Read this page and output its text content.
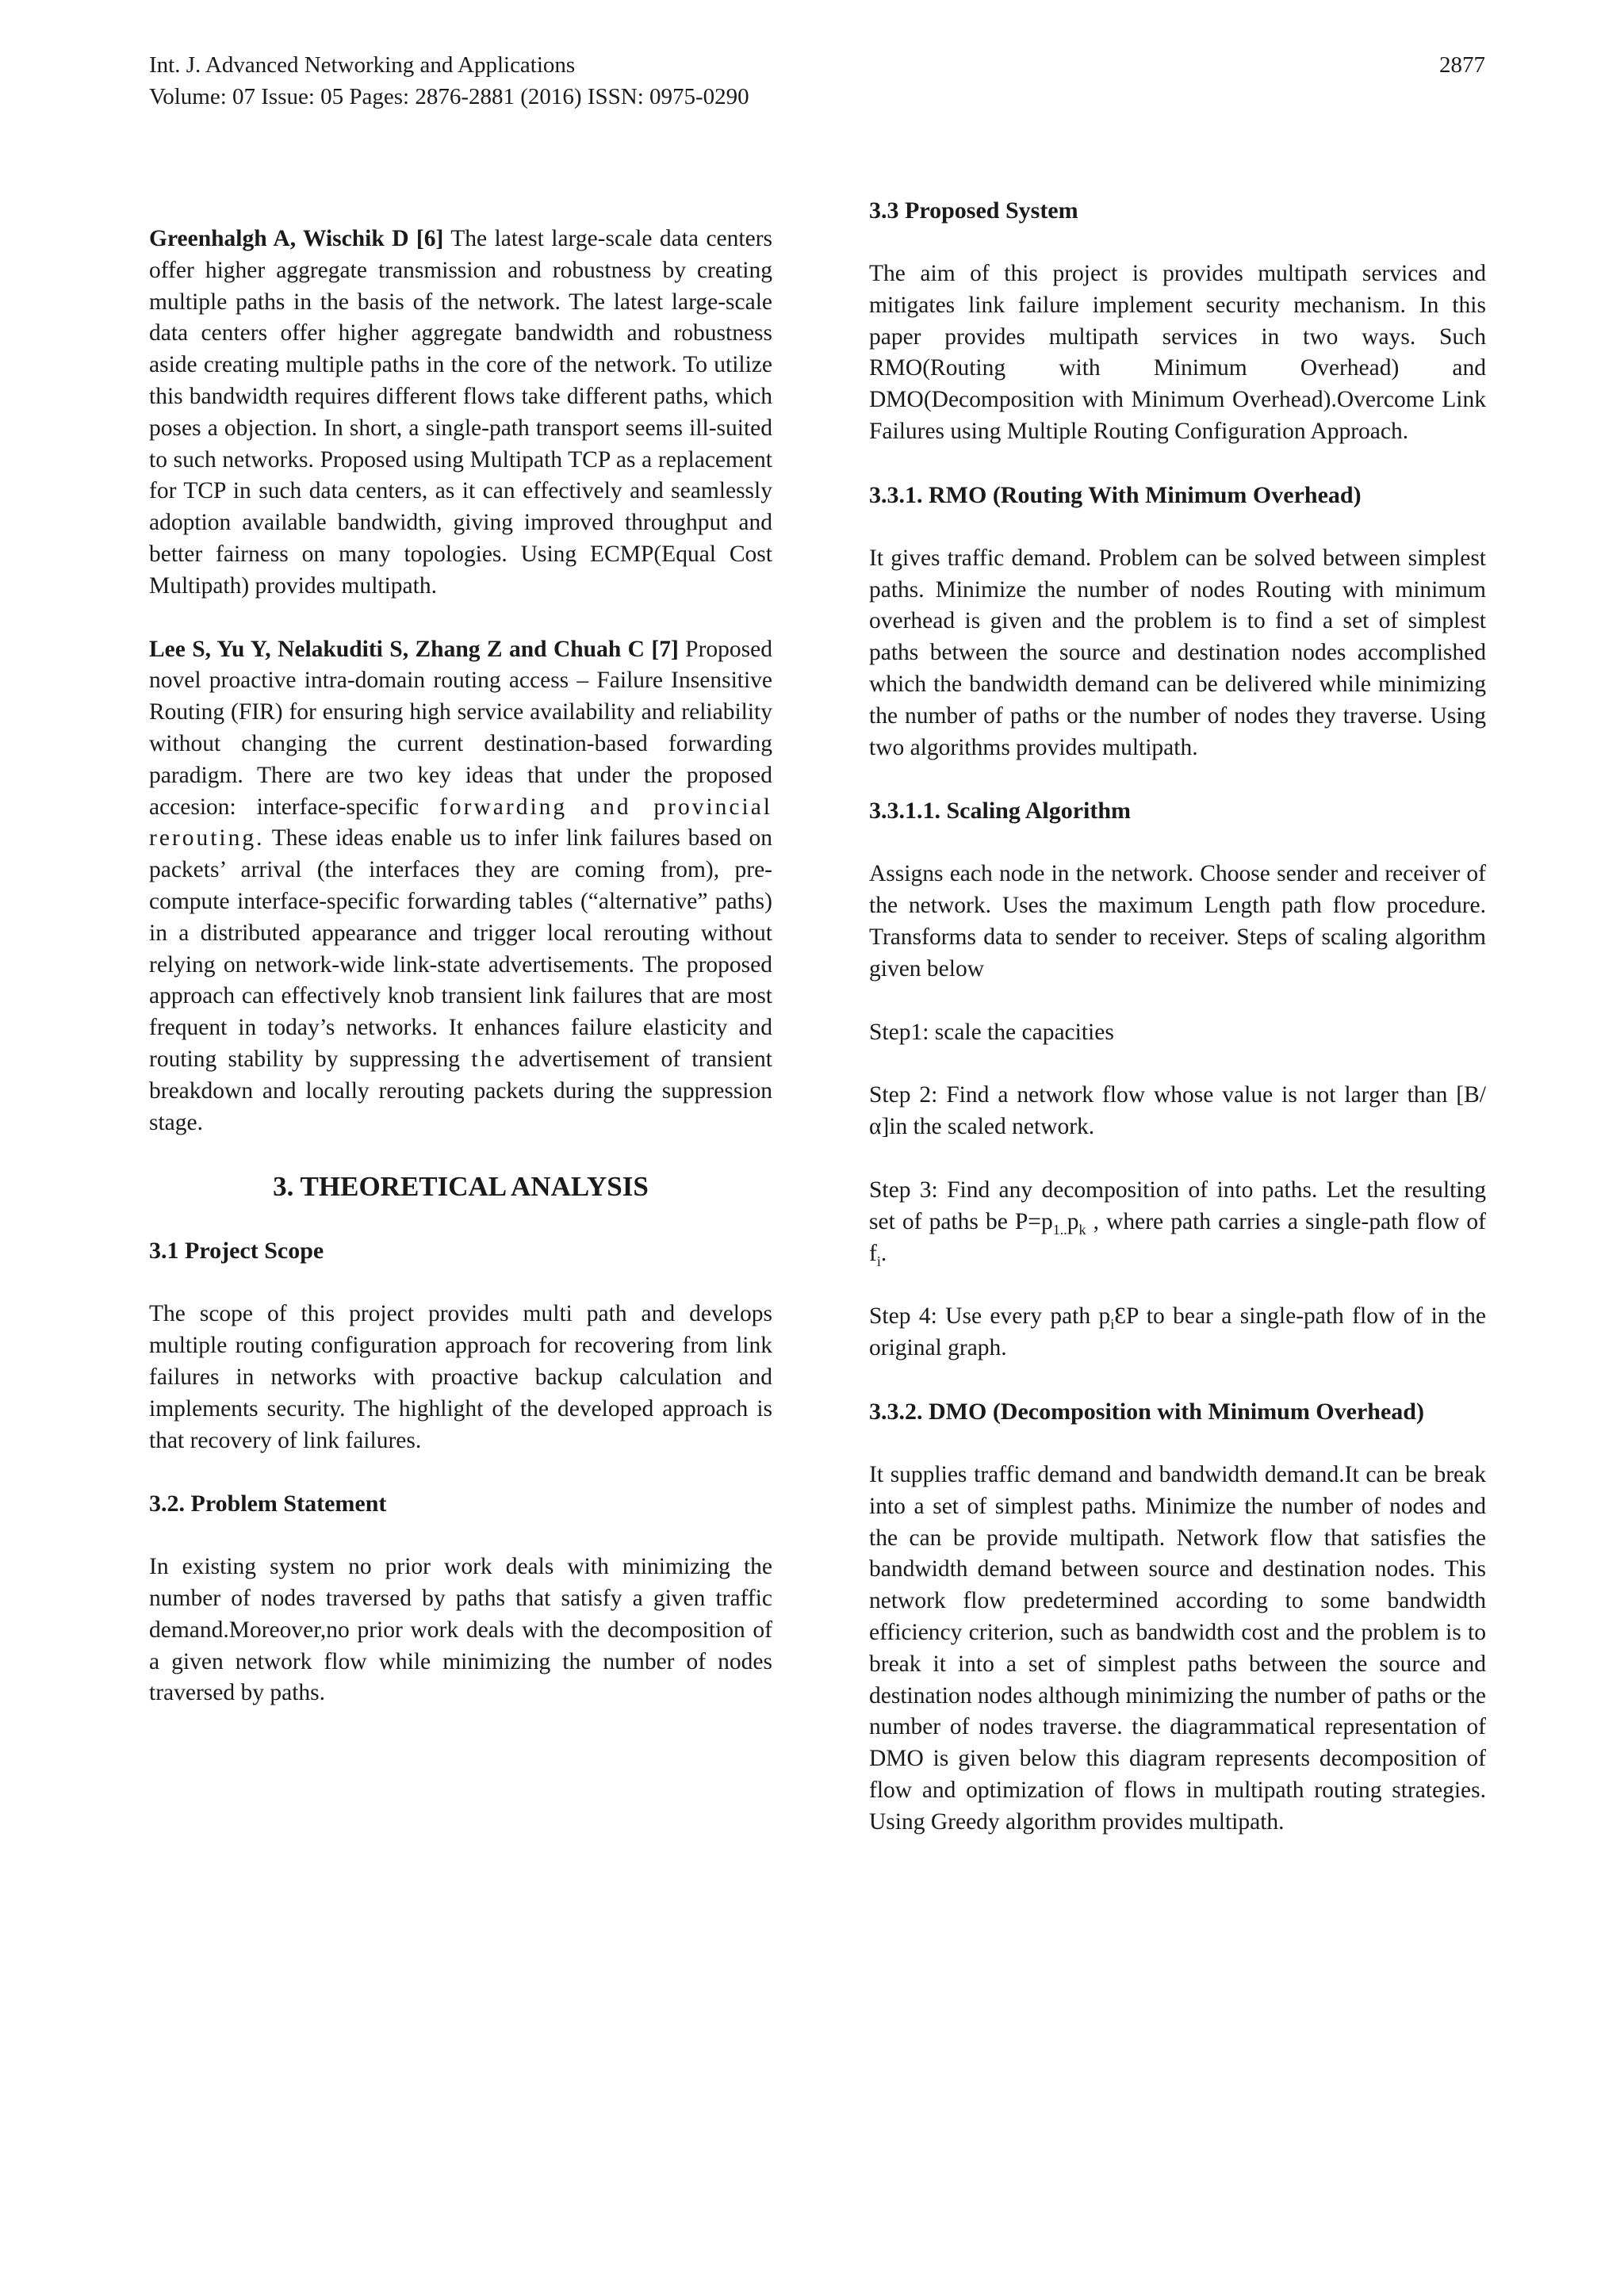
Int. J. Advanced Networking and Applications	2877
Volume: 07 Issue: 05 Pages: 2876-2881 (2016) ISSN: 0975-0290

Greenhalgh A, Wischik D [6] The latest large-scale data centers offer higher aggregate transmission and robustness by creating multiple paths in the basis of the network. The latest large-scale data centers offer higher aggregate bandwidth and robustness aside creating multiple paths in the core of the network. To utilize this bandwidth requires different flows take different paths, which poses a objection. In short, a single-path transport seems ill-suited to such networks. Proposed using Multipath TCP as a replacement for TCP in such data centers, as it can effectively and seamlessly adoption available bandwidth, giving improved throughput and better fairness on many topologies. Using ECMP(Equal Cost Multipath) provides multipath.

Lee S, Yu Y, Nelakuditi S, Zhang Z and Chuah C [7] Proposed novel proactive intra-domain routing access – Failure Insensitive Routing (FIR) for ensuring high service availability and reliability without changing the current destination-based forwarding paradigm. There are two key ideas that under the proposed accesion: interface-specific forwarding and provincial rerouting. These ideas enable us to infer link failures based on packets’ arrival (the interfaces they are coming from), pre-compute interface-specific forwarding tables (“alternative” paths) in a distributed appearance and trigger local rerouting without relying on network-wide link-state advertisements. The proposed approach can effectively knob transient link failures that are most frequent in today’s networks. It enhances failure elasticity and routing stability by suppressing the advertisement of transient breakdown and locally rerouting packets during the suppression stage.

3. THEORETICAL ANALYSIS
3.1 Project Scope

The scope of this project provides multi path and develops multiple routing configuration approach for recovering from link failures in networks with proactive backup calculation and implements security. The highlight of the developed approach is that recovery of link failures.

3.2. Problem Statement

In existing system no prior work deals with minimizing the number of nodes traversed by paths that satisfy a given traffic demand.Moreover,no prior work deals with the decomposition of a given network flow while minimizing the number of nodes traversed by paths.

3.3 Proposed System

The aim of this project is provides multipath services and mitigates link failure implement security mechanism. In this paper provides multipath services in two ways. Such RMO(Routing with Minimum Overhead) and DMO(Decomposition with Minimum Overhead).Overcome Link Failures using Multiple Routing Configuration Approach.

3.3.1. RMO (Routing With Minimum Overhead)

It gives traffic demand. Problem can be solved between simplest paths. Minimize the number of nodes Routing with minimum overhead is given and the problem is to find a set of simplest paths between the source and destination nodes accomplished which the bandwidth demand can be delivered while minimizing the number of paths or the number of nodes they traverse. Using two algorithms provides multipath.

3.3.1.1. Scaling Algorithm

Assigns each node in the network. Choose sender and receiver of the network. Uses the maximum Length path flow procedure. Transforms data to sender to receiver. Steps of scaling algorithm given below

Step1: scale the capacities

Step 2: Find a network flow whose value is not larger than [B/α]in the scaled network.

Step 3: Find any decomposition of into paths. Let the resulting set of paths be $P=p_{1..}p_k$ , where path carries a single-path flow of $f_i$.

Step 4: Use every path $p_iƐP$ to bear a single-path flow of in the original graph.

3.3.2. DMO (Decomposition with Minimum Overhead)

It supplies traffic demand and bandwidth demand.It can be break into a set of simplest paths. Minimize the number of nodes and the can be provide multipath. Network flow that satisfies the bandwidth demand between source and destination nodes. This network flow predetermined according to some bandwidth efficiency criterion, such as bandwidth cost and the problem is to break it into a set of simplest paths between the source and destination nodes although minimizing the number of paths or the number of nodes traverse. the diagrammatical representation of DMO is given below this diagram represents decomposition of flow and optimization of flows in multipath routing strategies. Using Greedy algorithm provides multipath.
